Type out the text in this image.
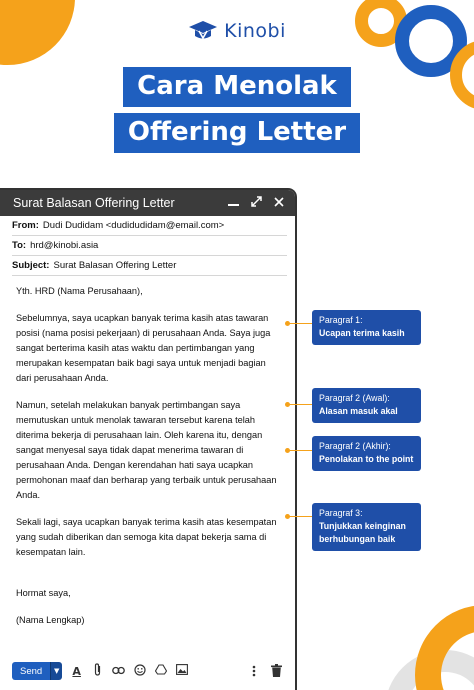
Kinobi
Cara Menolak
Offering Letter
Surat Balasan Offering Letter
From: Dudi Dudidam <dudidudidam@email.com>
To: hrd@kinobi.asia
Subject: Surat Balasan Offering Letter

Yth. HRD (Nama Perusahaan),

Sebelumnya, saya ucapkan banyak terima kasih atas tawaran posisi (nama posisi pekerjaan) di perusahaan Anda. Saya juga sangat berterima kasih atas waktu dan pertimbangan yang merupakan kesempatan baik bagi saya untuk menjadi bagian dari perusahaan Anda.

Namun, setelah melakukan banyak pertimbangan saya memutuskan untuk menolak tawaran tersebut karena telah diterima bekerja di perusahaan lain. Oleh karena itu, dengan sangat menyesal saya tidak dapat menerima tawaran di perusahaan Anda. Dengan kerendahan hati saya ucapkan permohonan maaf dan berharap yang terbaik untuk perusahaan Anda.

Sekali lagi, saya ucapkan banyak terima kasih atas kesempatan yang sudah diberikan dan semoga kita dapat bekerja sama di kesempatan lain.

Hormat saya,

(Nama Lengkap)

Send	▼ A
Paragraf 1:
Ucapan terima kasih
Paragraf 2 (Awal):
Alasan masuk akal
Paragraf 2 (Akhir):
Penolakan to the point
Paragraf 3:
Tunjukkan keinginan berhubungan baik
